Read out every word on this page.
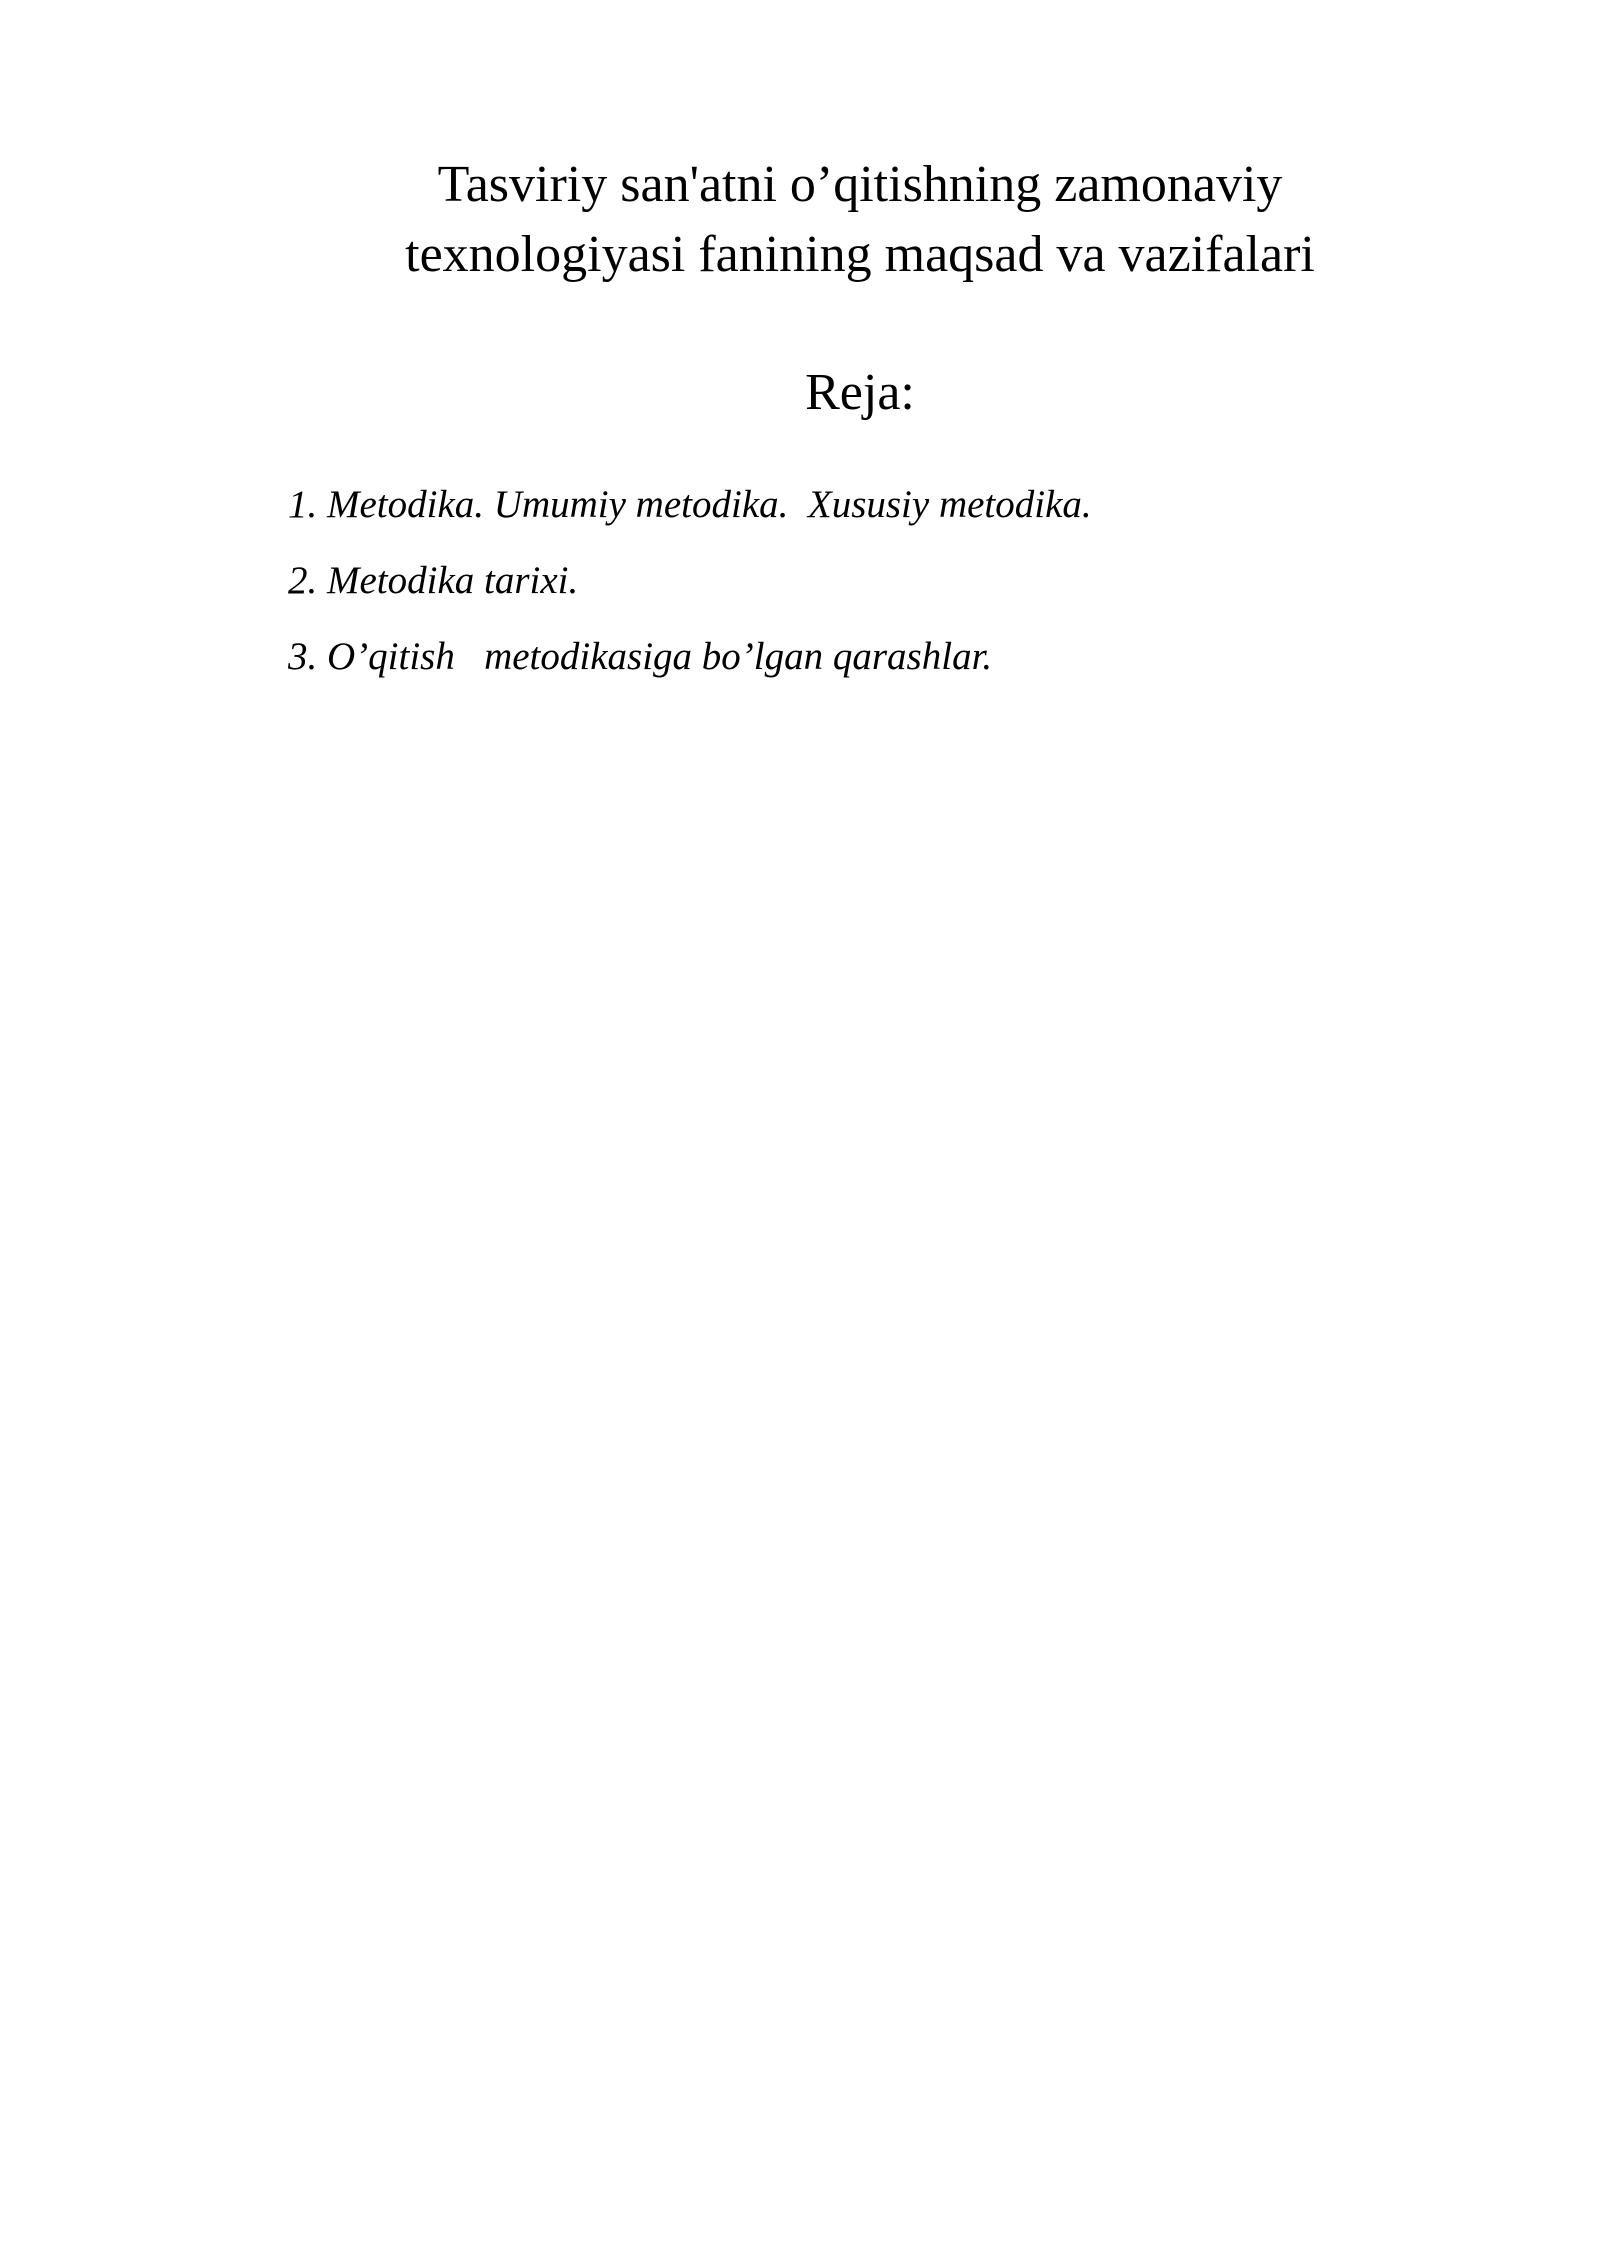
Tasviriy san'atni o’qitishning zamonaviy
texnologiyasi fanining maqsad va vazifalari
Reja:
1. Metodika. Umumiy metodika.  Xususiy metodika.
2. Metodika tarixi.
3. O’qitish   metodikasiga bo’lgan qarashlar.
